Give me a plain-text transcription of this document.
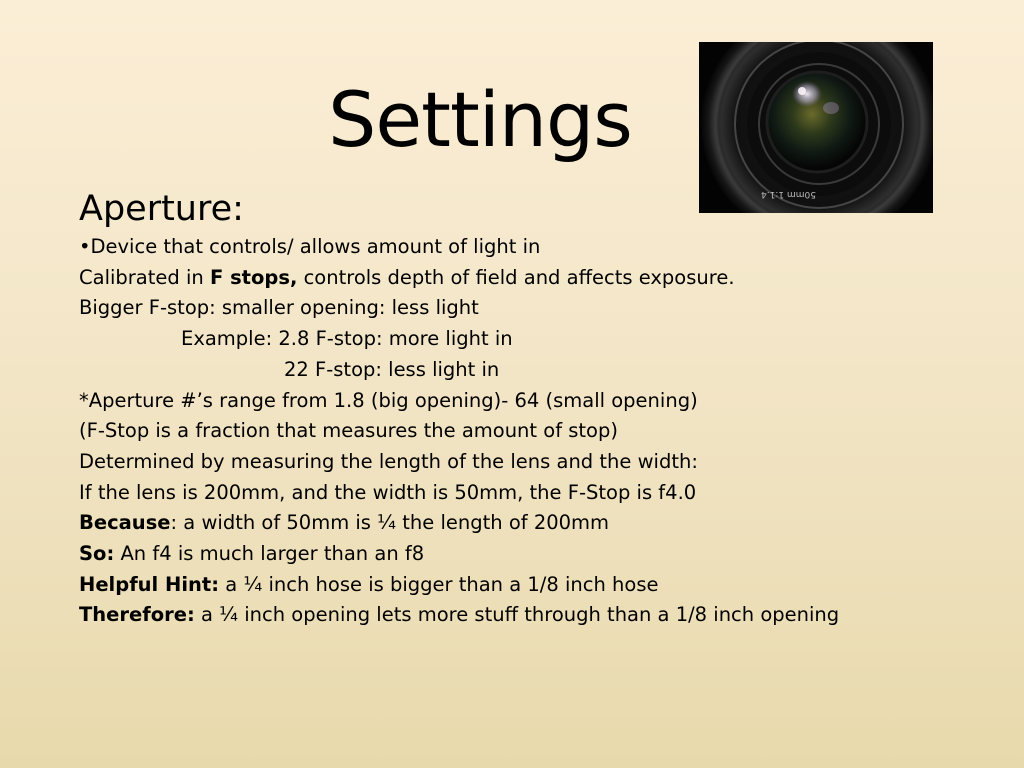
Settings
50mm 1:1.4
Aperture:
•Device that controls/ allows amount of light in
Calibrated in F stops, controls depth of field and affects exposure.
Bigger F-stop: smaller opening: less light
Example: 2.8 F-stop: more light in
22 F-stop: less light in
*Aperture #’s range from 1.8 (big opening)- 64 (small opening)
(F-Stop is a fraction that measures the amount of stop)
Determined by measuring the length of the lens and the width:
If the lens is 200mm, and the width is 50mm, the F-Stop is f4.0
Because: a width of 50mm is ¼ the length of 200mm
So: An f4 is much larger than an f8
Helpful Hint: a ¼ inch hose is bigger than a 1/8 inch hose
Therefore: a ¼ inch opening lets more stuff through than a 1/8 inch opening
